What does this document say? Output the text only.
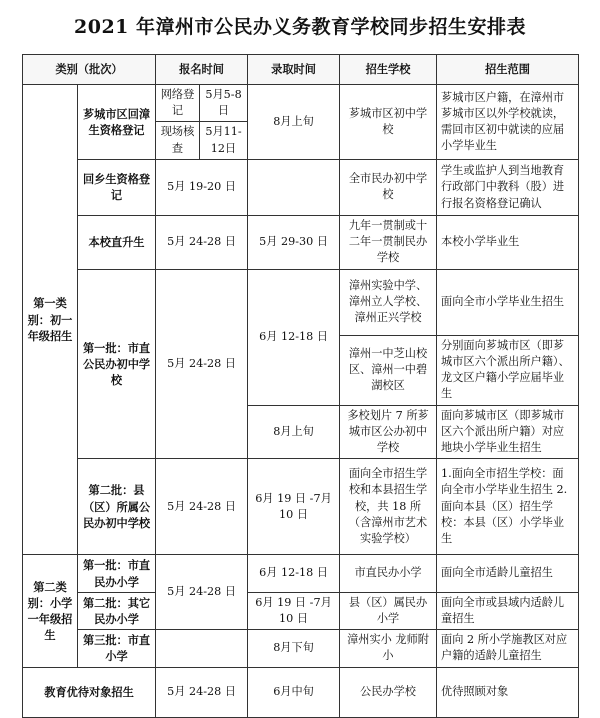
2021 年漳州市公民办义务教育学校同步招生安排表
类别（批次）		报名时间		录取时间	招生学校	招生范围
第一类别：初一年级招生	芗城市区回漳生资格登记	网络登记	5月5-8日	8月上旬	芗城市区初中学校	芗城市区户籍，在漳州市芗城市区以外学校就读，需回市区初中就读的应届小学毕业生
		现场核查	5月11-12日			
	回乡生资格登记	5月 19-20 日			全市民办初中学校	学生或监护人到当地教育行政部门中教科（股）进行报名资格登记确认
	本校直升生	5月 24-28 日		5月 29-30 日	九年一贯制或十二年一贯制民办学校	本校小学毕业生
	第一批：市直公民办初中学校	5月 24-28 日		6月 12-18 日	漳州实验中学、漳州立人学校、漳州正兴学校	面向全市小学毕业生招生
					漳州一中芝山校区、漳州一中碧湖校区	分别面向芗城市区（即芗城市区六个派出所户籍）、龙文区户籍小学应届毕业生
				8月上旬	多校划片 7 所芗城市区公办初中学校	面向芗城市区（即芗城市区六个派出所户籍）对应地块小学毕业生招生
	第二批：县（区）所属公民办初中学校	5月 24-28 日		6月 19 日 -7月 10 日	面向全市招生学校和本县招生学校，共 18 所（含漳州市艺术实验学校）	1.面向全市招生学校：面向全市小学毕业生招生 2.面向本县（区）招生学校：本县（区）小学毕业生

第二类别：小学一年级招生	第一批：市直民办小学	5月 24-28 日		6月 12-18 日	市直民办小学	面向全市适龄儿童招生
	第二批：其它民办小学			6月 19 日 -7月 10 日	县（区）属民办小学	面向全市或县域内适龄儿童招生
	第三批：市直小学			8月下旬	漳州实小 龙师附小	面向 2 所小学施教区对应户籍的适龄儿童招生
教育优待对象招生		5月 24-28 日		6月中旬	公民办学校	优待照顾对象
